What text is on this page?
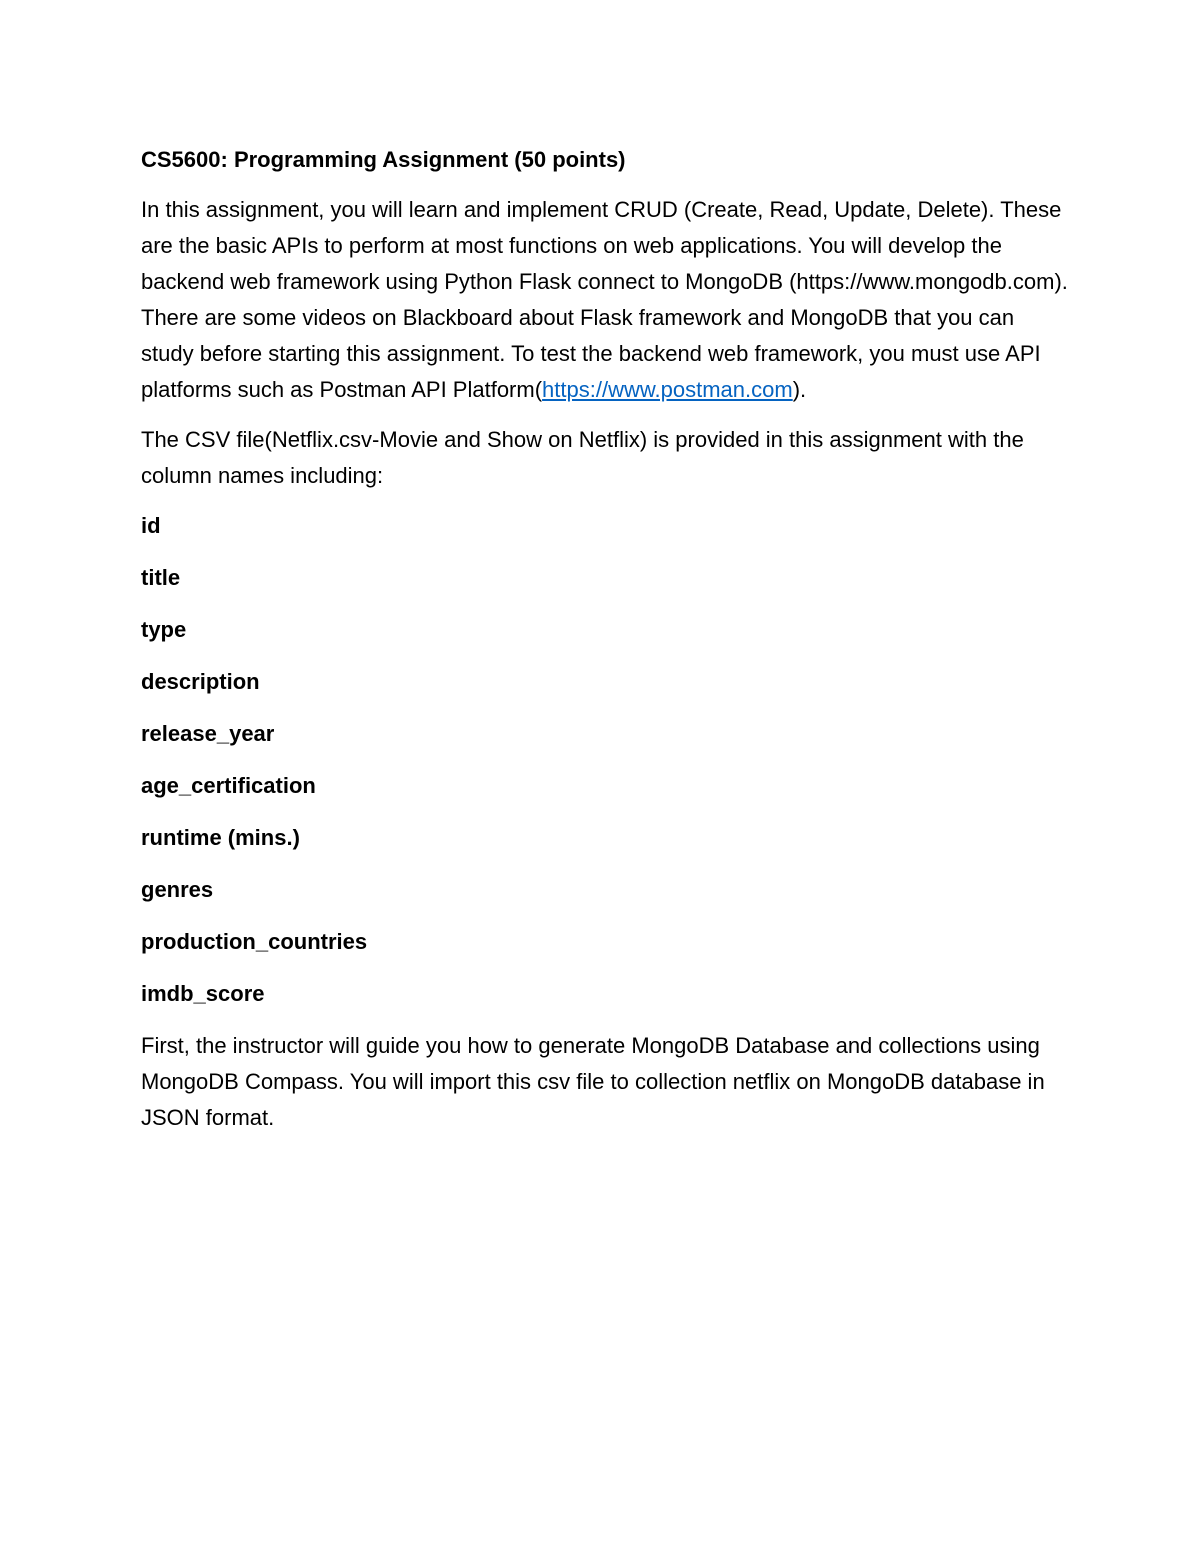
CS5600: Programming Assignment (50 points)

In this assignment, you will learn and implement CRUD (Create, Read, Update, Delete). These are the basic APIs to perform at most functions on web applications. You will develop the backend web framework using Python Flask connect to MongoDB (https://www.mongodb.com). There are some videos on Blackboard about Flask framework and MongoDB that you can study before starting this assignment. To test the backend web framework, you must use API platforms such as Postman API Platform(https://www.postman.com).

The CSV file(Netflix.csv-Movie and Show on Netflix) is provided in this assignment with the column names including:

id
title
type
description
release_year
age_certification
runtime (mins.)
genres
production_countries
imdb_score

First, the instructor will guide you how to generate MongoDB Database and collections using MongoDB Compass. You will import this csv file to collection netflix on MongoDB database in JSON format.
